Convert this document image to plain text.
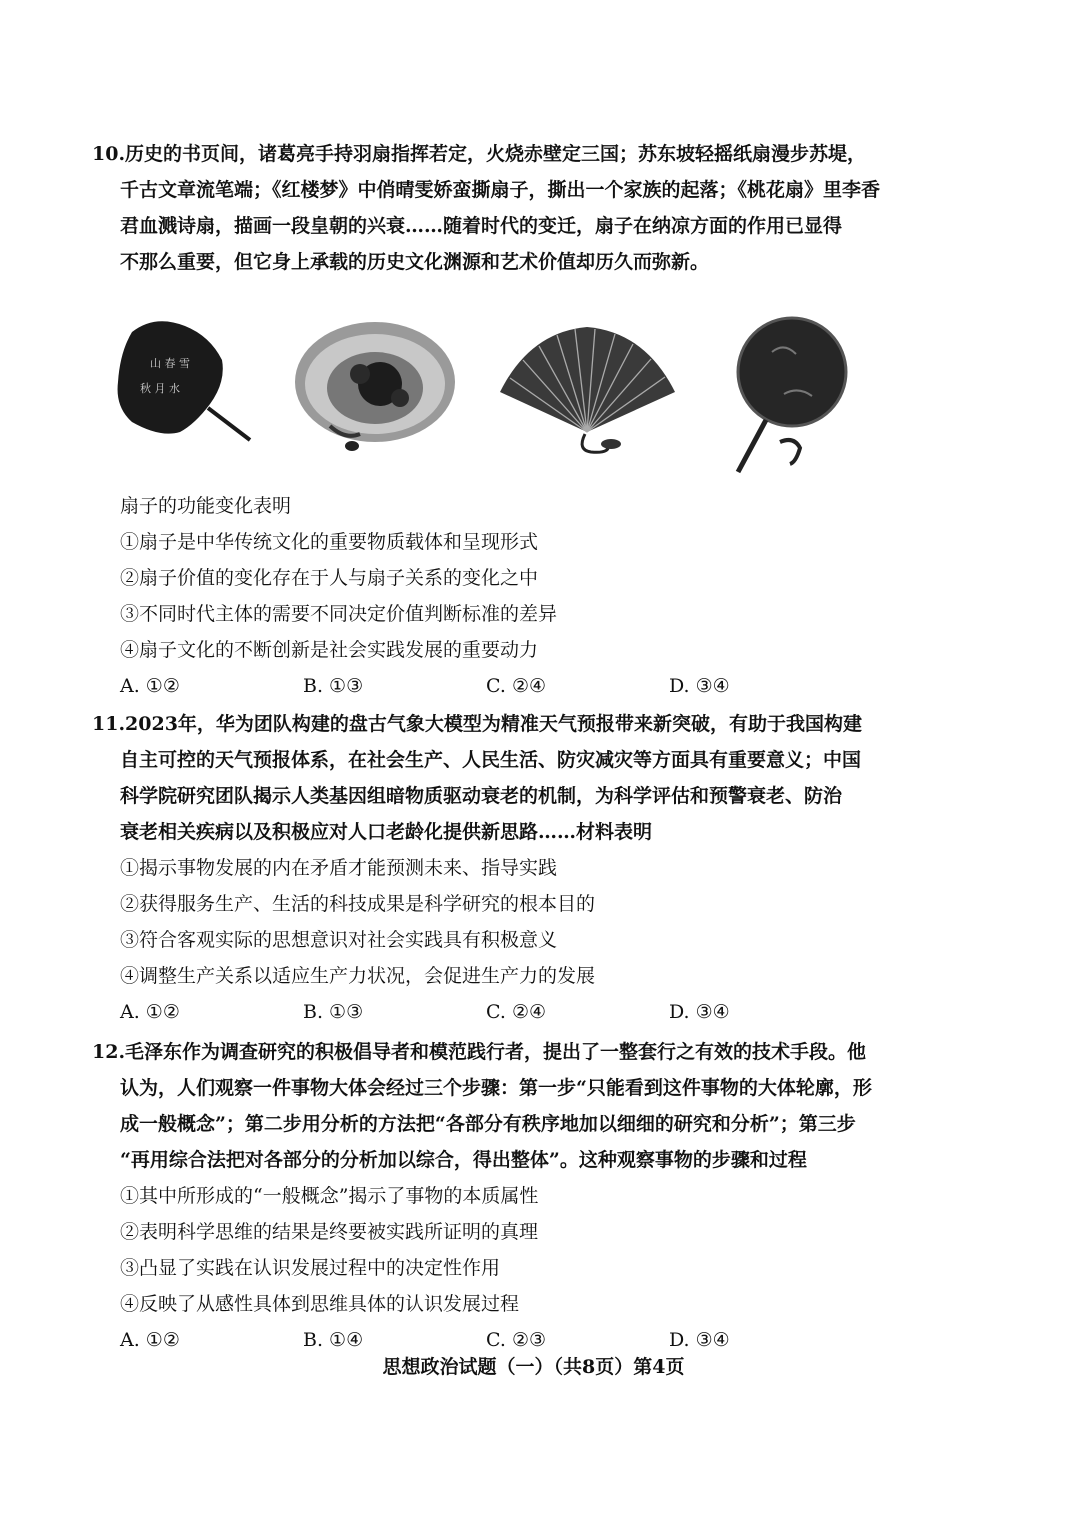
10.历史的书页间，诸葛亮手持羽扇指挥若定，火烧赤壁定三国；苏东坡轻摇纸扇漫步苏堤，
千古文章流笔端；《红楼梦》中俏晴雯娇蛮撕扇子，撕出一个家族的起落；《桃花扇》里李香
君血溅诗扇，描画一段皇朝的兴衰……随着时代的变迁，扇子在纳凉方面的作用已显得
不那么重要，但它身上承载的历史文化渊源和艺术价值却历久而弥新。
山 春 雪
秋 月 水
扇子的功能变化表明
①扇子是中华传统文化的重要物质载体和呈现形式
②扇子价值的变化存在于人与扇子关系的变化之中
③不同时代主体的需要不同决定价值判断标准的差异
④扇子文化的不断创新是社会实践发展的重要动力
A. ①②	B. ①③	C. ②④	D. ③④
11.2023年，华为团队构建的盘古气象大模型为精准天气预报带来新突破，有助于我国构建
自主可控的天气预报体系，在社会生产、人民生活、防灾减灾等方面具有重要意义；中国
科学院研究团队揭示人类基因组暗物质驱动衰老的机制，为科学评估和预警衰老、防治
衰老相关疾病以及积极应对人口老龄化提供新思路……材料表明
①揭示事物发展的内在矛盾才能预测未来、指导实践
②获得服务生产、生活的科技成果是科学研究的根本目的
③符合客观实际的思想意识对社会实践具有积极意义
④调整生产关系以适应生产力状况，会促进生产力的发展
A. ①②	B. ①③	C. ②④	D. ③④
12.毛泽东作为调查研究的积极倡导者和模范践行者，提出了一整套行之有效的技术手段。他
认为，人们观察一件事物大体会经过三个步骤：第一步“只能看到这件事物的大体轮廓，形
成一般概念”；第二步用分析的方法把“各部分有秩序地加以细细的研究和分析”；第三步
“再用综合法把对各部分的分析加以综合，得出整体”。这种观察事物的步骤和过程
①其中所形成的“一般概念”揭示了事物的本质属性
②表明科学思维的结果是终要被实践所证明的真理
③凸显了实践在认识发展过程中的决定性作用
④反映了从感性具体到思维具体的认识发展过程
A. ①②	B. ①④	C. ②③	D. ③④
思想政治试题（一）（共8页）第4页
